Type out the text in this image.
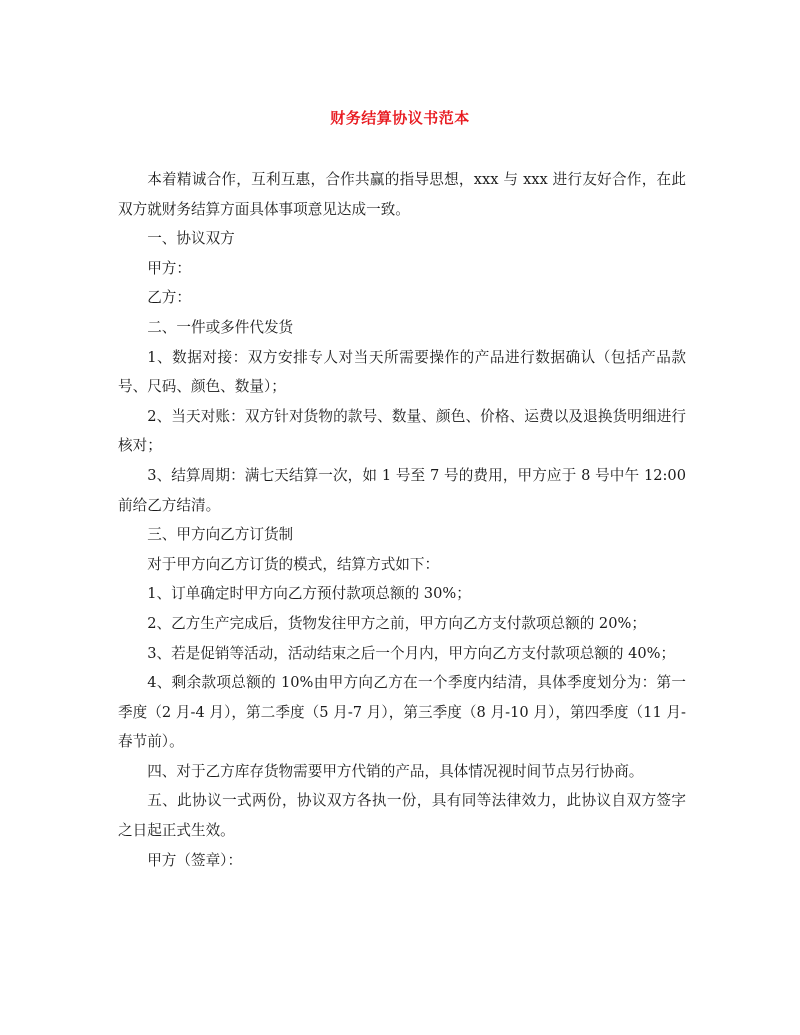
财务结算协议书范本

本着精诚合作，互利互惠，合作共赢的指导思想，xxx 与 xxx 进行友好合作，在此双方就财务结算方面具体事项意见达成一致。

一、协议双方

甲方：

乙方：

二、一件或多件代发货

1、数据对接：双方安排专人对当天所需要操作的产品进行数据确认（包括产品款号、尺码、颜色、数量）；

2、当天对账：双方针对货物的款号、数量、颜色、价格、运费以及退换货明细进行核对；

3、结算周期：满七天结算一次，如 1 号至 7 号的费用，甲方应于 8 号中午 12:00 前给乙方结清。

三、甲方向乙方订货制

对于甲方向乙方订货的模式，结算方式如下：

1、订单确定时甲方向乙方预付款项总额的 30%；

2、乙方生产完成后，货物发往甲方之前，甲方向乙方支付款项总额的 20%；

3、若是促销等活动，活动结束之后一个月内，甲方向乙方支付款项总额的 40%；

4、剩余款项总额的 10%由甲方向乙方在一个季度内结清，具体季度划分为：第一季度（2 月-4 月），第二季度（5 月-7 月），第三季度（8 月-10 月），第四季度（11 月-春节前）。

四、对于乙方库存货物需要甲方代销的产品，具体情况视时间节点另行协商。

五、此协议一式两份，协议双方各执一份，具有同等法律效力，此协议自双方签字之日起正式生效。

甲方（签章）：
